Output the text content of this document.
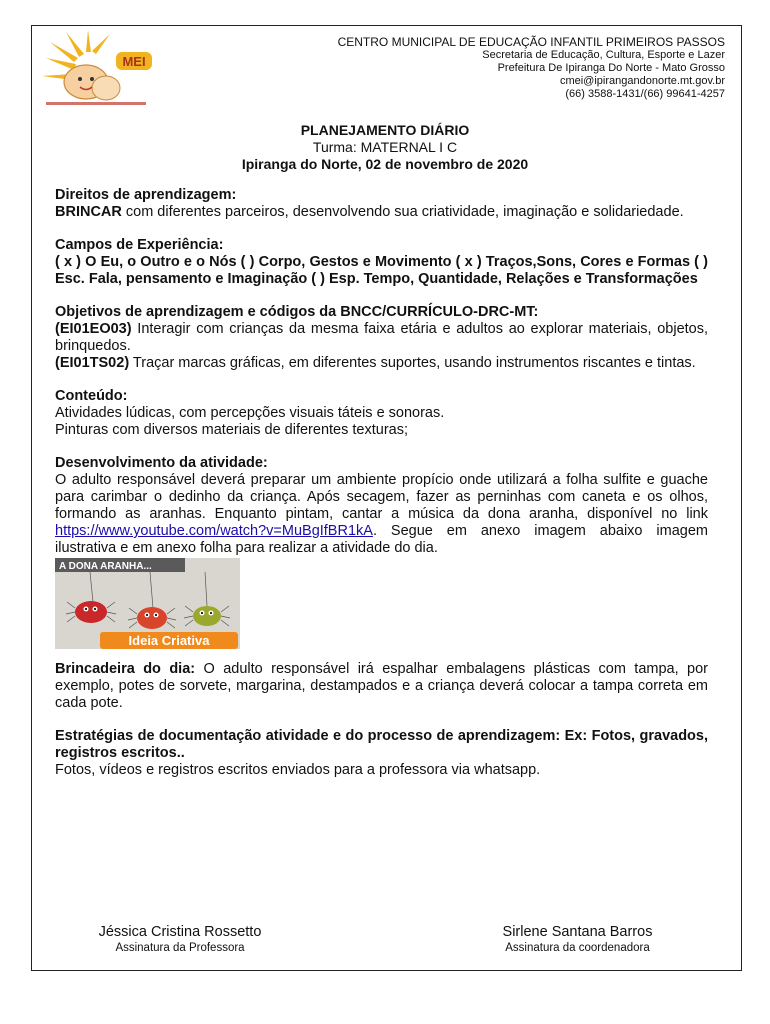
MEI
CENTRO MUNICIPAL DE EDUCAÇÃO INFANTIL PRIMEIROS PASSOS
Secretaria de Educação, Cultura, Esporte e Lazer
Prefeitura De Ipiranga Do Norte - Mato Grosso
cmei@ipirangandonorte.mt.gov.br
(66) 3588-1431/(66) 99641-4257
PLANEJAMENTO DIÁRIO
Turma: MATERNAL I C
Ipiranga do Norte, 02 de novembro de 2020

Direitos de aprendizagem:

BRINCAR com diferentes parceiros, desenvolvendo sua criatividade, imaginação e solidariedade.

Campos de Experiência:

( x ) O Eu, o Outro e o Nós ( ) Corpo, Gestos e Movimento ( x ) Traços,Sons, Cores e Formas ( ) Esc. Fala, pensamento e Imaginação ( ) Esp. Tempo, Quantidade, Relações e Transformações

Objetivos de aprendizagem e códigos da BNCC/CURRÍCULO-DRC-MT:

(EI01EO03) Interagir com crianças da mesma faixa etária e adultos ao explorar materiais, objetos, brinquedos.

(EI01TS02) Traçar marcas gráficas, em diferentes suportes, usando instrumentos riscantes e tintas.

Conteúdo:

Atividades lúdicas, com percepções visuais táteis e sonoras.

Pinturas com diversos materiais de diferentes texturas;

Desenvolvimento da atividade:

O adulto responsável deverá preparar um ambiente propício onde utilizará a folha sulfite e guache para carimbar o dedinho da criança. Após secagem, fazer as perninhas com caneta e os olhos, formando as aranhas. Enquanto pintam, cantar a música da dona aranha, disponível no link https://www.youtube.com/watch?v=MuBgIfBR1kA. Segue em anexo imagem abaixo imagem ilustrativa e em anexo folha para realizar a atividade do dia.

A DONA ARANHA...
Ideia Criativa

Brincadeira do dia: O adulto responsável irá espalhar embalagens plásticas com tampa, por exemplo, potes de sorvete, margarina, destampados e a criança deverá colocar a tampa correta em cada pote.

Estratégias de documentação atividade e do processo de aprendizagem: Ex: Fotos, gravados, registros escritos..

Fotos, vídeos e registros escritos enviados para a professora via whatsapp.

Jéssica Cristina Rossetto
Assinatura da Professora
Sirlene Santana Barros
Assinatura da coordenadora
